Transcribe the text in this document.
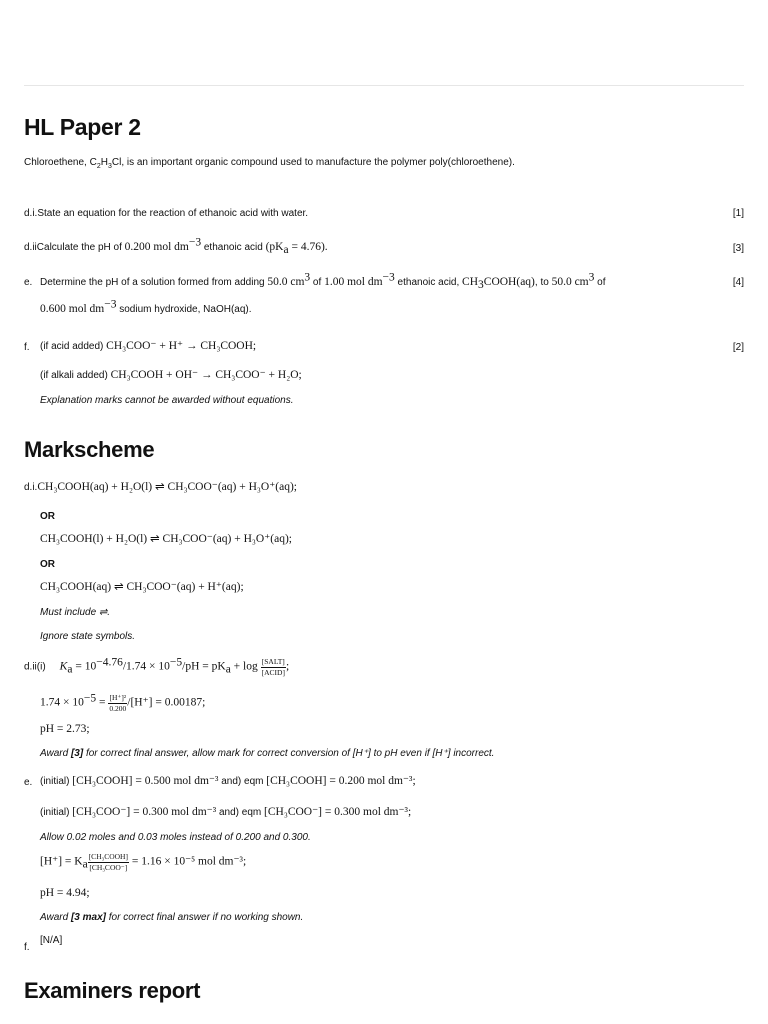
HL Paper 2
Chloroethene, $C_2H_3Cl$, is an important organic compound used to manufacture the polymer poly(chloroethene).
d.i.State an equation for the reaction of ethanoic acid with water.	[1]
d.iiCalculate the pH of 0.200 mol $dm^{-3}$ ethanoic acid $(pK_a = 4.76)$.	[3]
e. Determine the pH of a solution formed from adding 50.0 $cm^3$ of 1.00 mol $dm^{-3}$ ethanoic acid, $CH_3COOH(aq)$, to 50.0 $cm^3$ of	[4]
0.600 mol $dm^{-3}$ sodium hydroxide, NaOH(aq).
f. (if acid added) CH₃COO⁻ + H⁺ → CH₃COOH;	[2]
(if alkali added) CH₃COOH + OH⁻ → CH₃COO⁻ + H₂O;
Explanation marks cannot be awarded without equations.
Markscheme
d.i.CH₃COOH(aq) + H₂O(l) ⇌ CH₃COO⁻(aq) + H₃O⁺(aq);
OR
CH₃COOH(l) + H₂O(l) ⇌ CH₃COO⁻(aq) + H₃O⁺(aq);
OR
CH₃COOH(aq) ⇌ CH₃COO⁻(aq) + H⁺(aq);
Must include ⇌.
Ignore state symbols.
d.ii(i) $K_a = 10^{-4.76}/1.74 \times 10^{-5}/pH = pK_a + \log \frac{\text{[SALT]}}{\text{[ACID]}}$ ;
$1.74 \times 10^{-5} = \frac{\text{[H⁺]²}}{0.200} /[H^+] = 0.00187$;
pH = 2.73;
Award [3] for correct final answer, allow mark for correct conversion of [H⁺] to pH even if [H⁺] incorrect.
e. (initial) [CH₃COOH] = 0.500 mol dm⁻³ and) eqm [CH₃COOH] = 0.200 mol dm⁻³;
(initial) [CH₃COO⁻] = 0.300 mol dm⁻³ and) eqm [CH₃COO⁻] = 0.300 mol dm⁻³;
Allow 0.02 moles and 0.03 moles instead of 0.200 and 0.300.
$[H^+] = K_a \frac{\text{[CH₃COOH]}}{\text{[CH₃COO⁻]}} = 1.16 \times 10^{-5}$ mol dm⁻³;
pH = 4.94;
Award [3 max] for correct final answer if no working shown.
f.
[N/A]
Examiners report
